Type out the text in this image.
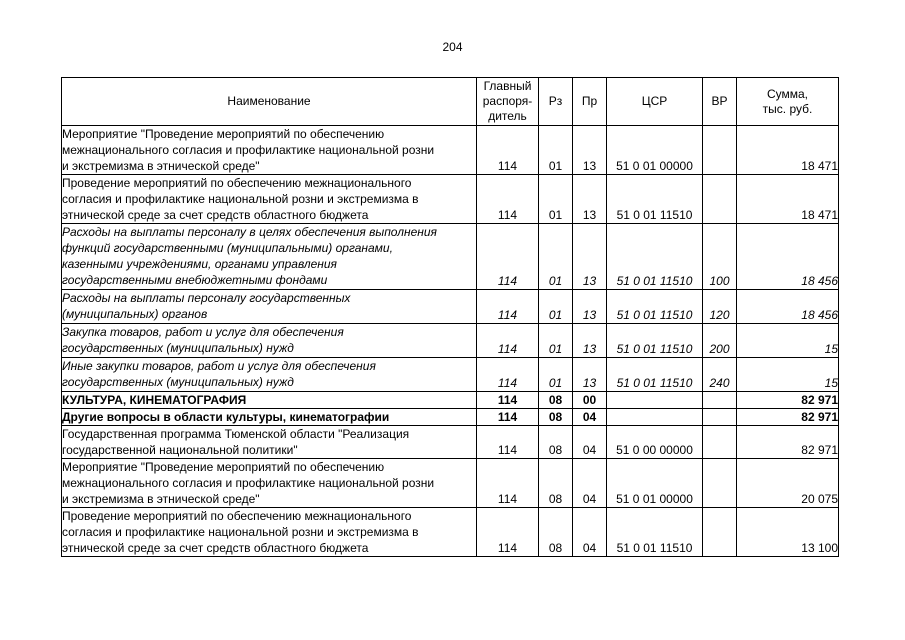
204
Наименование	Главный
распоря-
дитель	Рз	Пр	ЦСР	ВР	Сумма,
тыс. руб.
Мероприятие "Проведение мероприятий по обеспечению
межнационального согласия и профилактике национальной розни
и экстремизма в этнической среде"	114	01	13	51 0 01 00000		18 471
Проведение мероприятий по обеспечению межнационального
согласия и профилактике национальной розни и экстремизма в
этнической среде за счет средств областного бюджета	114	01	13	51 0 01 11510		18 471
Расходы на выплаты персоналу в целях обеспечения выполнения
функций государственными (муниципальными) органами,
казенными учреждениями, органами управления
государственными внебюджетными фондами	114	01	13	51 0 01 11510	100	18 456
Расходы на выплаты персоналу государственных
(муниципальных) органов	114	01	13	51 0 01 11510	120	18 456
Закупка товаров, работ и услуг для обеспечения
государственных (муниципальных) нужд	114	01	13	51 0 01 11510	200	15
Иные закупки товаров, работ и услуг для обеспечения
государственных (муниципальных) нужд	114	01	13	51 0 01 11510	240	15
КУЛЬТУРА, КИНЕМАТОГРАФИЯ	114	08	00			82 971
Другие вопросы в области культуры, кинематографии	114	08	04			82 971
Государственная программа Тюменской области "Реализация
государственной национальной политики"	114	08	04	51 0 00 00000		82 971
Мероприятие "Проведение мероприятий по обеспечению
межнационального согласия и профилактике национальной розни
и экстремизма в этнической среде"	114	08	04	51 0 01 00000		20 075
Проведение мероприятий по обеспечению межнационального
согласия и профилактике национальной розни и экстремизма в
этнической среде за счет средств областного бюджета	114	08	04	51 0 01 11510		13 100
